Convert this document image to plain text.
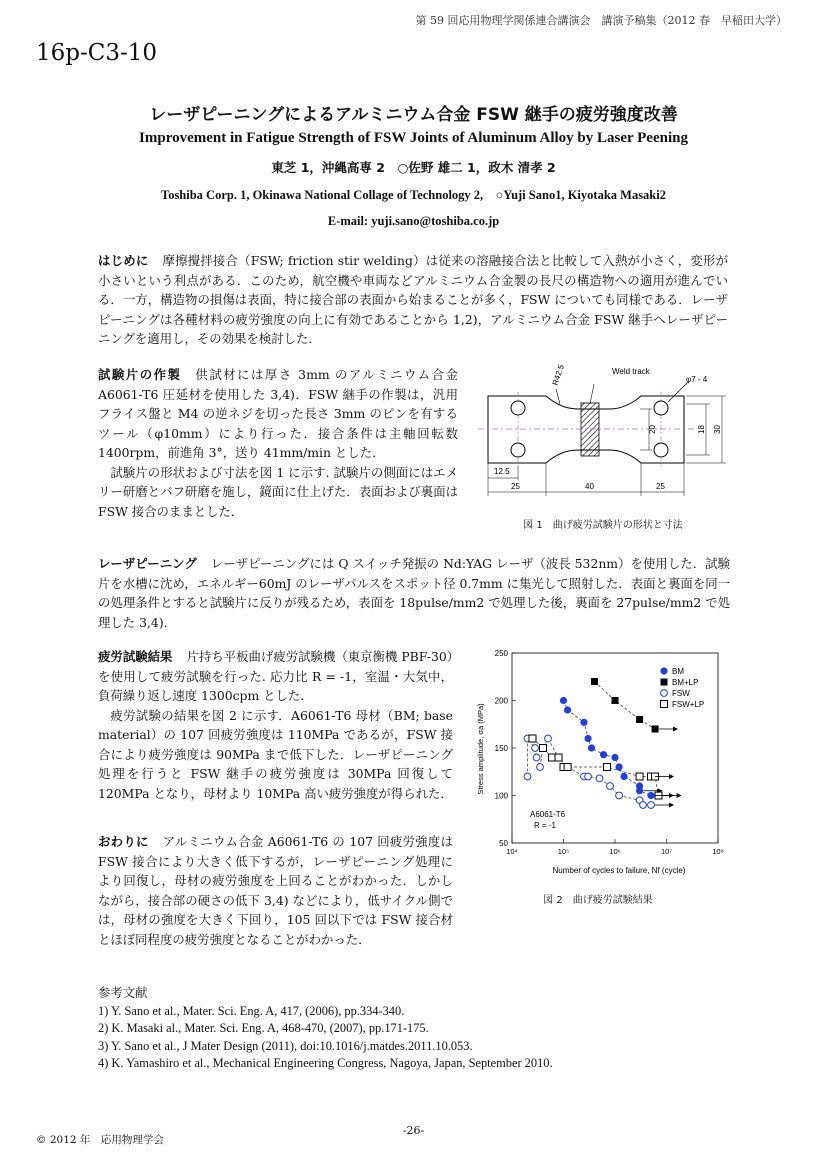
第 59 回応用物理学関係連合講演会　講演予稿集（2012 春　早稲田大学）
16p-C3-10
レーザピーニングによるアルミニウム合金 FSW 継手の疲労強度改善
Improvement in Fatigue Strength of FSW Joints of Aluminum Alloy by Laser Peening
東芝 1，沖縄高専 2　○佐野 雄二 1，政木 清孝 2
Toshiba Corp. 1, Okinawa National Collage of Technology 2,　○Yuji Sano1, Kiyotaka Masaki2
E-mail: yuji.sano@toshiba.co.jp
はじめに 摩擦攪拌接合（FSW; friction stir welding）は従来の溶融接合法と比較して入熱が小さく，変形が小さいという利点がある．このため，航空機や車両などアルミニウム合金製の長尺の構造物への適用が進んでいる．一方，構造物の損傷は表面，特に接合部の表面から始まることが多く，FSW についても同様である．レーザピーニングは各種材料の疲労強度の向上に有効であることから 1,2)，アルミニウム合金 FSW 継手へレーザピーニングを適用し，その効果を検討した．
試験片の作製 供試材には厚さ 3mm のアルミニウム合金 A6061-T6 圧延材を使用した 3,4)．FSW 継手の作製は，汎用フライス盤と M4 の逆ネジを切った長さ 3mm のピンを有するツール（φ10mm）により行った．接合条件は主軸回転数 1400rpm，前進角 3°，送り 41mm/min とした．
試験片の形状および寸法を図 1 に示す. 試験片の側面にはエメリー研磨とバフ研磨を施し，鏡面に仕上げた．表面および裏面は FSW 接合のままとした．
R42.5	Weld track
φ7 - 4
20	18 30
12.5
25	40	25
図 1　曲げ疲労試験片の形状と寸法
レーザピーニング レーザピーニングには Q スイッチ発振の Nd:YAG レーザ（波長 532nm）を使用した．試験片を水槽に沈め，エネルギー60mJ のレーザパルスをスポット径 0.7mm に集光して照射した．表面と裏面を同一の処理条件とすると試験片に反りが残るため，表面を 18pulse/mm2 で処理した後，裏面を 27pulse/mm2 で処理した 3,4)．
疲労試験結果 片持ち平板曲げ疲労試験機（東京衡機 PBF-30）を使用して疲労試験を行った. 応力比 R = -1，室温・大気中，負荷繰り返し速度 1300cpm とした．
疲労試験の結果を図 2 に示す．A6061-T6 母材（BM; base material）の 107 回疲労強度は 110MPa であるが，FSW 接合により疲労強度は 90MPa まで低下した．レーザピーニング処理を行うと FSW 継手の疲労強度は 30MPa 回復して 120MPa となり，母材より 10MPa 高い疲労強度が得られた．
おわりに アルミニウム合金 A6061-T6 の 107 回疲労強度は FSW 接合により大きく低下するが，レーザピーニング処理により回復し，母材の疲労強度を上回ることがわかった．しかしながら，接合部の硬さの低下 3,4) などにより，低サイクル側では，母材の強度を大きく下回り，105 回以下では FSW 接合材とほぼ同程度の疲労強度となることがわかった．
50
100
150
200
250
10⁴	10⁵	10⁶	10⁷	10⁸
BM
BM+LP
FSW
FSW+LP
Stress amplitude, σa (MPa)
Number of cycles to failure, Nf (cycle)
A6061-T6
R = -1
図 2　曲げ疲労試験結果
参考文献
1) Y. Sano et al., Mater. Sci. Eng. A, 417, (2006), pp.334-340.
2) K. Masaki al., Mater. Sci. Eng. A, 468-470, (2007), pp.171-175.
3) Y. Sano et al., J Mater Design (2011), doi:10.1016/j.matdes.2011.10.053.
4) K. Yamashiro et al., Mechanical Engineering Congress, Nagoya, Japan, September 2010.
-26-
© 2012 年　応用物理学会
